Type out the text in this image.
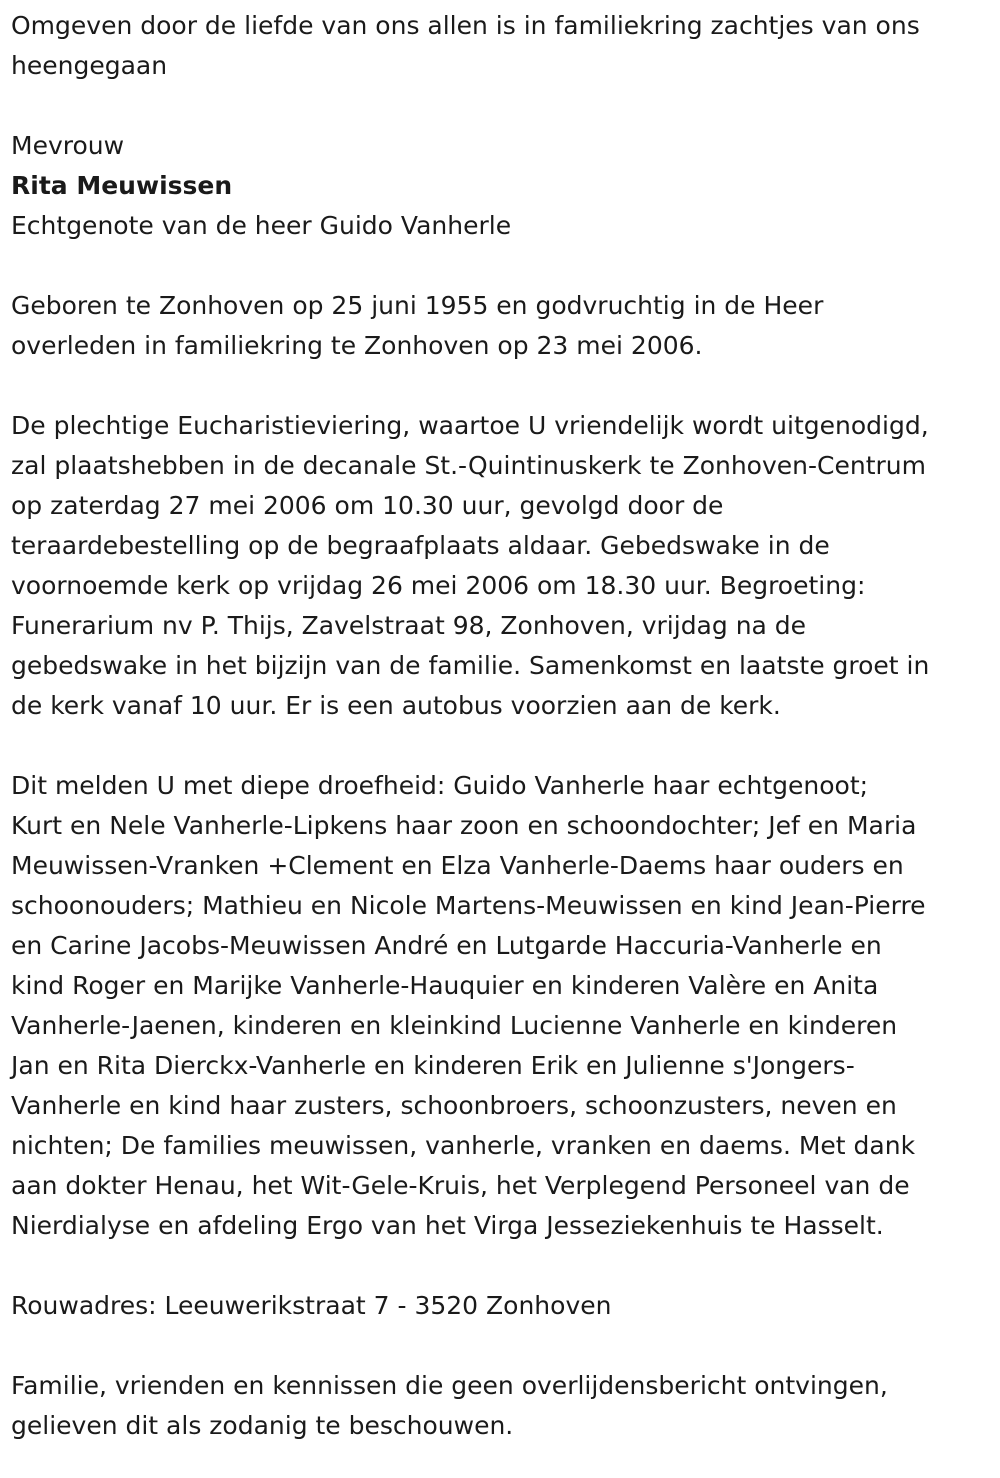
Omgeven door de liefde van ons allen is in familiekring zachtjes van ons
heengegaan
Mevrouw
Rita Meuwissen
Echtgenote van de heer Guido Vanherle
Geboren te Zonhoven op 25 juni 1955 en godvruchtig in de Heer
overleden in familiekring te Zonhoven op 23 mei 2006.
De plechtige Eucharistieviering, waartoe U vriendelijk wordt uitgenodigd,
zal plaatshebben in de decanale St.-Quintinuskerk te Zonhoven-Centrum
op zaterdag 27 mei 2006 om 10.30 uur, gevolgd door de
teraardebestelling op de begraafplaats aldaar. Gebedswake in de
voornoemde kerk op vrijdag 26 mei 2006 om 18.30 uur. Begroeting:
Funerarium nv P. Thijs, Zavelstraat 98, Zonhoven, vrijdag na de
gebedswake in het bijzijn van de familie. Samenkomst en laatste groet in
de kerk vanaf 10 uur. Er is een autobus voorzien aan de kerk.
Dit melden U met diepe droefheid: Guido Vanherle haar echtgenoot;
Kurt en Nele Vanherle-Lipkens haar zoon en schoondochter; Jef en Maria
Meuwissen-Vranken +Clement en Elza Vanherle-Daems haar ouders en
schoonouders; Mathieu en Nicole Martens-Meuwissen en kind Jean-Pierre
en Carine Jacobs-Meuwissen André en Lutgarde Haccuria-Vanherle en
kind Roger en Marijke Vanherle-Hauquier en kinderen Valère en Anita
Vanherle-Jaenen, kinderen en kleinkind Lucienne Vanherle en kinderen
Jan en Rita Dierckx-Vanherle en kinderen Erik en Julienne s'Jongers-
Vanherle en kind haar zusters, schoonbroers, schoonzusters, neven en
nichten; De families meuwissen, vanherle, vranken en daems. Met dank
aan dokter Henau, het Wit-Gele-Kruis, het Verplegend Personeel van de
Nierdialyse en afdeling Ergo van het Virga Jesseziekenhuis te Hasselt.
Rouwadres: Leeuwerikstraat 7 - 3520 Zonhoven
Familie, vrienden en kennissen die geen overlijdensbericht ontvingen,
gelieven dit als zodanig te beschouwen.
